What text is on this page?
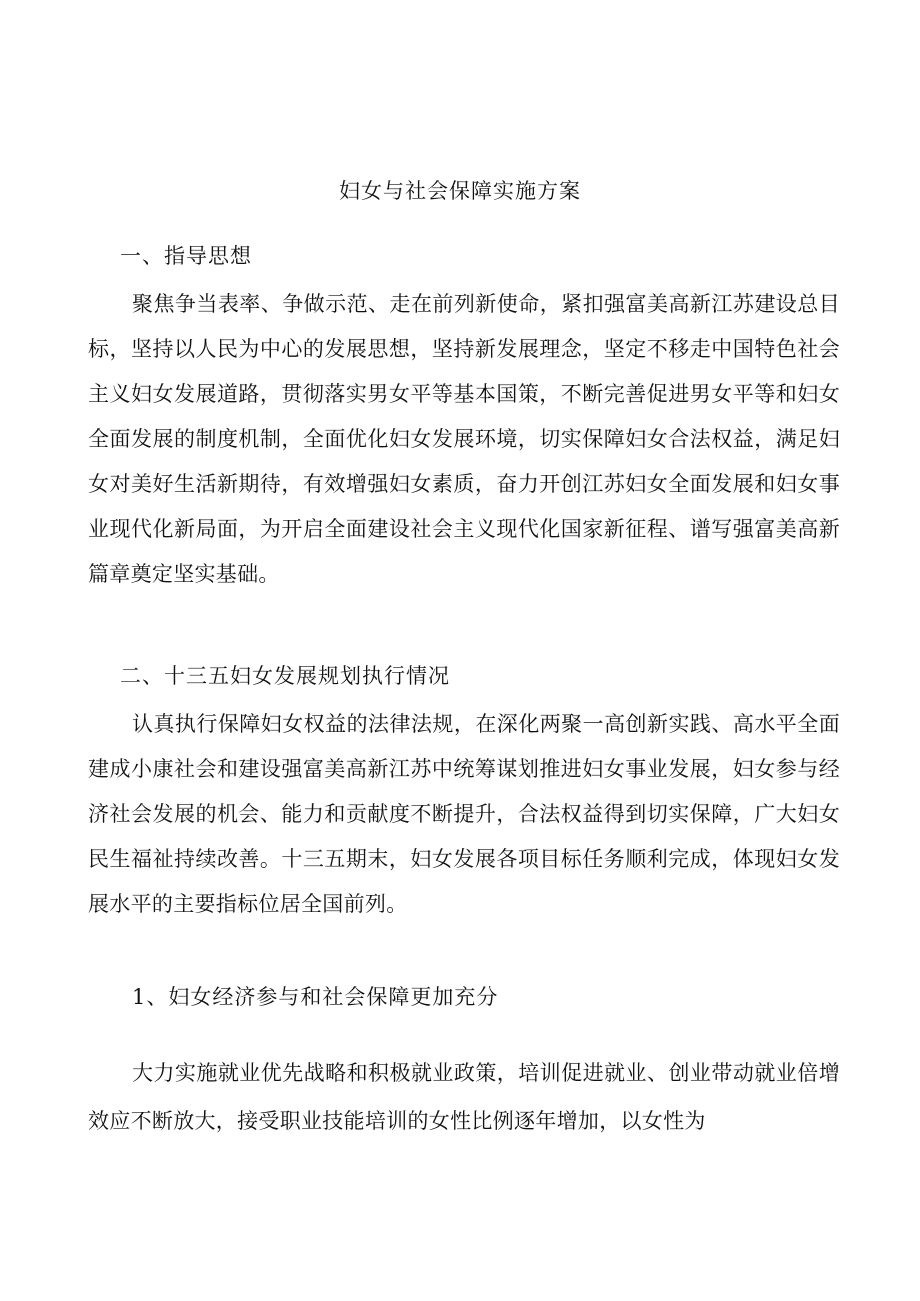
妇女与社会保障实施方案
一、指导思想
聚焦争当表率、争做示范、走在前列新使命，紧扣强富美高新江苏建设总目标，坚持以人民为中心的发展思想，坚持新发展理念，坚定不移走中国特色社会主义妇女发展道路，贯彻落实男女平等基本国策，不断完善促进男女平等和妇女全面发展的制度机制，全面优化妇女发展环境，切实保障妇女合法权益，满足妇女对美好生活新期待，有效增强妇女素质，奋力开创江苏妇女全面发展和妇女事业现代化新局面，为开启全面建设社会主义现代化国家新征程、谱写强富美高新篇章奠定坚实基础。
二、十三五妇女发展规划执行情况
认真执行保障妇女权益的法律法规，在深化两聚一高创新实践、高水平全面建成小康社会和建设强富美高新江苏中统筹谋划推进妇女事业发展，妇女参与经济社会发展的机会、能力和贡献度不断提升，合法权益得到切实保障，广大妇女民生福祉持续改善。十三五期末，妇女发展各项目标任务顺利完成，体现妇女发展水平的主要指标位居全国前列。
1、妇女经济参与和社会保障更加充分
大力实施就业优先战略和积极就业政策，培训促进就业、创业带动就业倍增效应不断放大，接受职业技能培训的女性比例逐年增加，以女性为
